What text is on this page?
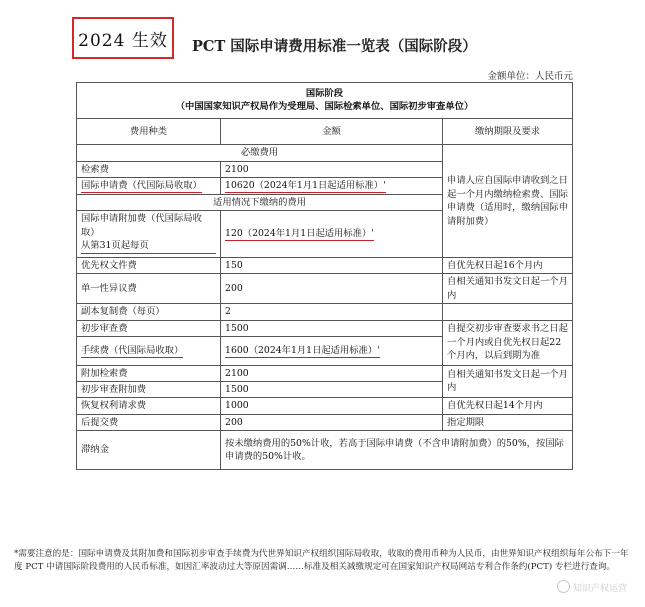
2024 生效	PCT 国际申请费用标准一览表（国际阶段）
金额单位：人民币元
国际阶段
（中国国家知识产权局作为受理局、国际检索单位、国际初步审查单位）		

费用种类	金额	缴纳期限及要求
必缴费用		申请人应自国际申请收到之日起一个月内缴纳检索费、国际申请费（适用时，缴纳国际申请附加费）
检索费	2100	
国际申请费（代国际局收取）	10620（2024年1月1日起适用标准）'	
适用情况下缴纳的费用		
国际申请附加费（代国际局收取）
从第31页起每页	120（2024年1月1日起适用标准）'	

优先权文件费	150	自优先权日起16个月内
单一性异议费	200	自相关通知书发文日起一个月内
副本复制费（每页）	2	
初步审查费	1500	自提交初步审查要求书之日起一个月内或自优先权日起22个月内，以后到期为准
手续费（代国际局收取）	1600（2024年1月1日起适用标准）'	
附加检索费	2100	自相关通知书发文日起一个月内
初步审查附加费	1500	
恢复权利请求费	1000	自优先权日起14个月内
后提交费	200	指定期限
滞纳金	按未缴纳费用的50%计收，若高于国际申请费（不含申请附加费）的50%，按国际申请费的50%计收。	
*需要注意的是：国际申请费及其附加费和国际初步审查手续费为代世界知识产权组织国际局收取，收取的费用币种为人民币，由世界知识产权组织每年公布下一年度 PCT 中请国际阶段费用的人民币标准，如因汇率波动过大等原因需调……标准及相关减缴规定可在国家知识产权局网站专利合作条约(PCT) 专栏进行查询。
知识产权运营
